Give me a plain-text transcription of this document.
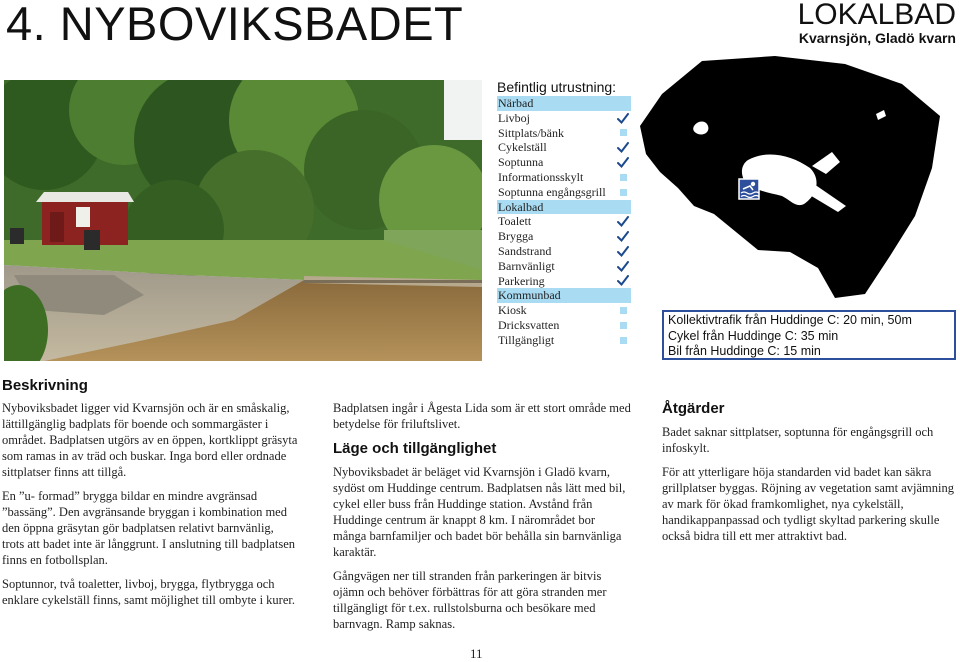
4. NYBOVIKSBADET	LOKALBAD
Kvarnsjön, Gladö kvarn
Befintlig utrustning:
Närbad
Livboj
Sittplats/bänk
Cykelställ
Soptunna
Informationsskylt
Soptunna engångsgrill
Lokalbad
Toalett
Brygga
Sandstrand
Barnvänligt
Parkering
Kommunbad
Kiosk
Dricksvatten
Tillgängligt
Kollektivtrafik från Huddinge C: 20 min, 50m
Cykel från Huddinge C: 35 min
Bil från Huddinge C: 15 min
Beskrivning

Nyboviksbadet ligger vid Kvarnsjön och är en småskalig, lättillgänglig badplats för boende och sommargäster i området. Badplatsen utgörs av en öppen, kortklippt gräsyta som ramas in av träd och buskar. Inga bord eller ordnade sittplatser finns att tillgå.

En ”u- formad” brygga bildar en mindre avgränsad ”bassäng”. Den avgränsande bryggan i kombination med den öppna gräsytan gör badplatsen relativt barnvänlig, trots att badet inte är långgrunt. I anslutning till badplatsen finns en fotbollsplan.

Soptunnor, två toaletter, livboj, brygga, flytbrygga och enklare cykelställ finns, samt möjlighet till ombyte i kurer.

Badplatsen ingår i Ågesta Lida som är ett stort område med betydelse för friluftslivet.

Läge och tillgänglighet

Nyboviksbadet är beläget vid Kvarnsjön i Gladö kvarn, sydöst om Huddinge centrum. Badplatsen nås lätt med bil, cykel eller buss från Huddinge station. Avstånd från Huddinge centrum är knappt 8 km. I närområdet bor många barnfamiljer och badet bör behålla sin barnvänliga karaktär.

Gångvägen ner till stranden från parkeringen är bitvis ojämn och behöver förbättras för att göra stranden mer tillgängligt för t.ex. rullstolsburna och besökare med barnvagn. Ramp saknas.

Åtgärder

Badet saknar sittplatser, soptunna för engångsgrill och infoskylt.

För att ytterligare höja standarden vid badet kan säkra grillplatser byggas. Röjning av vegetation samt avjämning av mark för ökad framkomlighet, nya cykelställ, handikappanpassad och tydligt skyltad parkering skulle också bidra till ett mer attraktivt bad.

11
